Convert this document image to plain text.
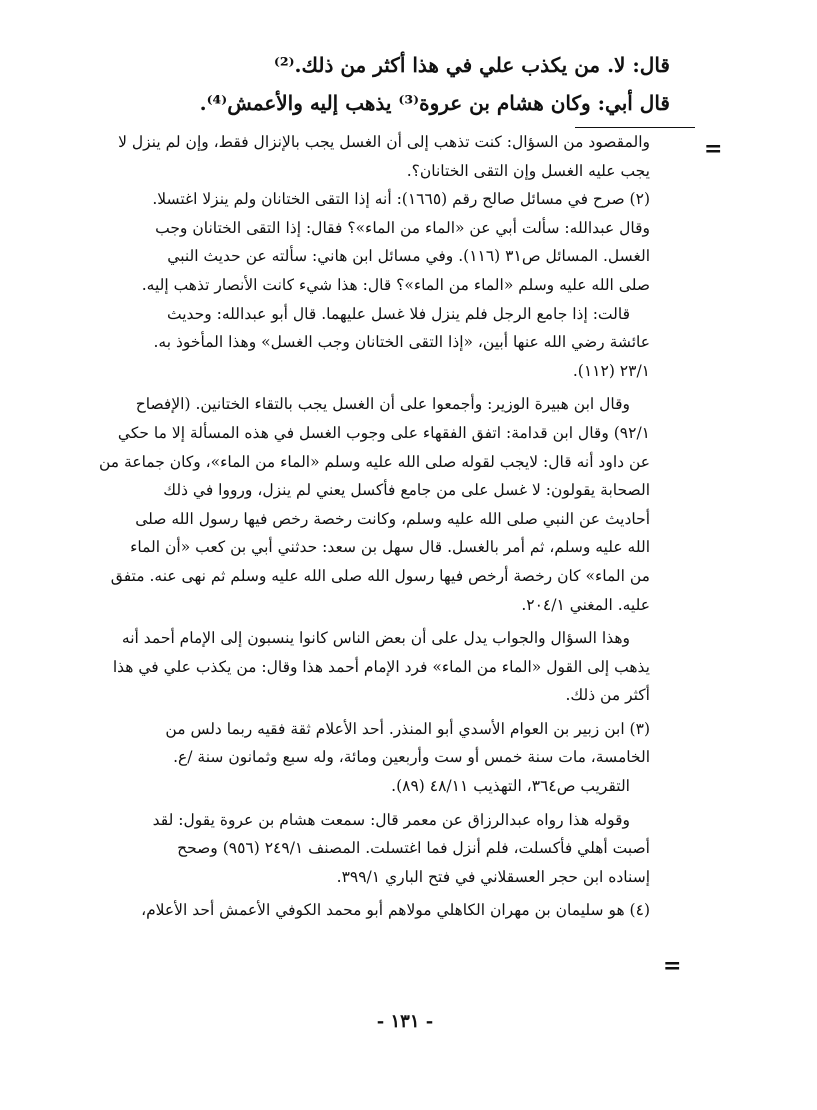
قال: لا. من يكذب علي في هذا أكثر من ذلك.⁽²⁾
قال أبي: وكان هشام بن عروة⁽³⁾ يذهب إليه والأعمش⁽⁴⁾.
=

والمقصود من السؤال: كنت تذهب إلى أن الغسل يجب بالإنزال فقط، وإن لم ينزل لا

يجب عليه الغسل وإن التقى الختانان؟.

(٢) صرح في مسائل صالح رقم (١٦٦٥): أنه إذا التقى الختانان ولم ينزلا اغتسلا.

وقال عبدالله: سألت أبي عن «الماء من الماء»؟ فقال: إذا التقى الختانان وجب

الغسل. المسائل ص٣١ (١١٦). وفي مسائل ابن هاني: سألته عن حديث النبي

صلى الله عليه وسلم «الماء من الماء»؟ قال: هذا شيء كانت الأنصار تذهب إليه.

قالت: إذا جامع الرجل فلم ينزل فلا غسل عليهما. قال أبو عبدالله: وحديث

عائشة رضي الله عنها أبين، «إذا التقى الختانان وجب الغسل» وهذا المأخوذ به.

٢٣/١ (١١٢).

وقال ابن هبيرة الوزير: وأجمعوا على أن الغسل يجب بالتقاء الختانين. (الإفصاح

٩٢/١) وقال ابن قدامة: اتفق الفقهاء على وجوب الغسل في هذه المسألة إلا ما حكي

عن داود أنه قال: لايجب لقوله صلى الله عليه وسلم «الماء من الماء»، وكان جماعة من

الصحابة يقولون: لا غسل على من جامع فأكسل يعني لم ينزل، ورووا في ذلك

أحاديث عن النبي صلى الله عليه وسلم، وكانت رخصة رخص فيها رسول الله صلى

الله عليه وسلم، ثم أمر بالغسل. قال سهل بن سعد: حدثني أبي بن كعب «أن الماء

من الماء» كان رخصة أرخص فيها رسول الله صلى الله عليه وسلم ثم نهى عنه. متفق

عليه. المغني ٢٠٤/١.

وهذا السؤال والجواب يدل على أن بعض الناس كانوا ينسبون إلى الإمام أحمد أنه

يذهب إلى القول «الماء من الماء» فرد الإمام أحمد هذا وقال: من يكذب علي في هذا

أكثر من ذلك.

(٣) ابن زبير بن العوام الأسدي أبو المنذر. أحد الأعلام ثقة فقيه ربما دلس من

الخامسة، مات سنة خمس أو ست وأربعين ومائة، وله سبع وثمانون سنة /ع.

التقريب ص٣٦٤، التهذيب ٤٨/١١ (٨٩).

وقوله هذا رواه عبدالرزاق عن معمر قال: سمعت هشام بن عروة يقول: لقد

أصبت أهلي فأكسلت، فلم أنزل فما اغتسلت. المصنف ٢٤٩/١ (٩٥٦) وصحح

إسناده ابن حجر العسقلاني في فتح الباري ٣٩٩/١.

(٤) هو سليمان بن مهران الكاهلي مولاهم أبو محمد الكوفي الأعمش أحد الأعلام،

=
- ١٣١ -
